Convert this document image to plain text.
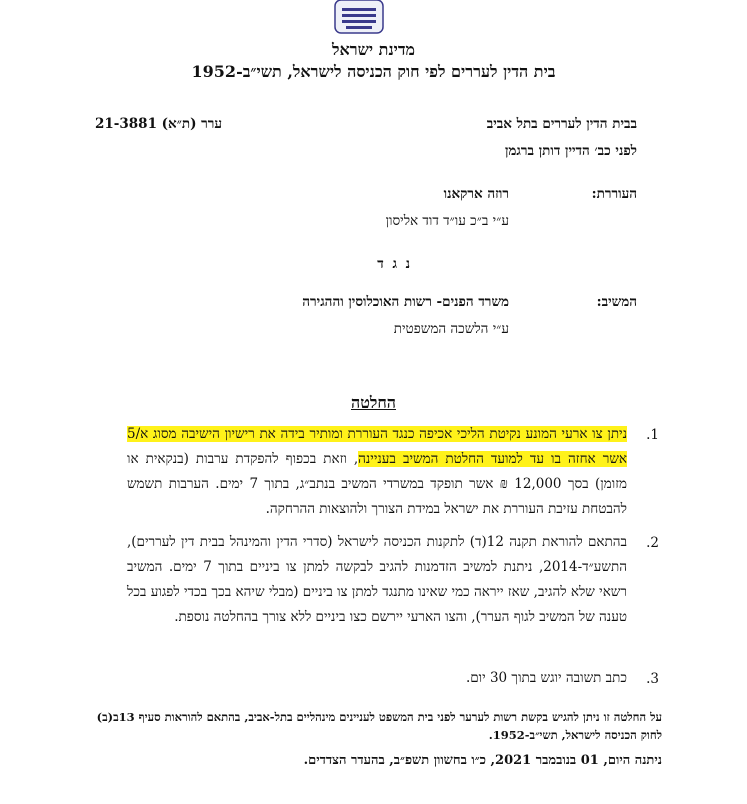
מדינת ישראל
בית הדין לעררים לפי חוק הכניסה לישראל, תשי״ב-1952
בבית הדין לעררים בתל אביב
ערר (ת״א) 21-3881
לפני כב׳ הדיין דותן ברגמן
העוררת:
רוזה ארקאנו
ע״י ב״כ עו״ד דוד אליסון
נ ג ד
המשיב:
משרד הפנים- רשות האוכלוסין וההגירה
ע״י הלשכה המשפטית
החלטה
1.
ניתן צו ארעי המונע נקיטת הליכי אכיפה כנגד העוררת ומותיר בידה את רישיון הישיבה מסוג א/5 אשר אחזה בו עד למועד החלטת המשיב בעניינה, וזאת בכפוף להפקדת ערבות (בנקאית או מזומן) בסך 12,000 ₪ אשר תופקד במשרדי המשיב בנתב״ג, בתוך 7 ימים. הערבות תשמש להבטחת עזיבת העוררת את ישראל במידת הצורך ולהוצאות ההרחקה.
2.
בהתאם להוראת תקנה 12(ד) לתקנות הכניסה לישראל (סדרי הדין והמינהל בבית דין לעררים), התשע״ד-2014, ניתנת למשיב הזדמנות להגיב לבקשה למתן צו ביניים בתוך 7 ימים. המשיב רשאי שלא להגיב, שאז ייראה כמי שאינו מתנגד למתן צו ביניים (מבלי שיהא בכך בכדי לפגוע בכל טענה של המשיב לגוף הערר), והצו הארעי יירשם כצו ביניים ללא צורך בהחלטה נוספת.
3.
כתב תשובה יוגש בתוך 30 יום.
על החלטה זו ניתן להגיש בקשת רשות לערער לפני בית המשפט לעניינים מינהליים בתל-אביב, בהתאם להוראות סעיף 13ב(ב) לחוק הכניסה לישראל, תשי״ב-1952.
ניתנה היום, 01 בנובמבר 2021, כ״ו בחשוון תשפ״ב, בהעדר הצדדים.
